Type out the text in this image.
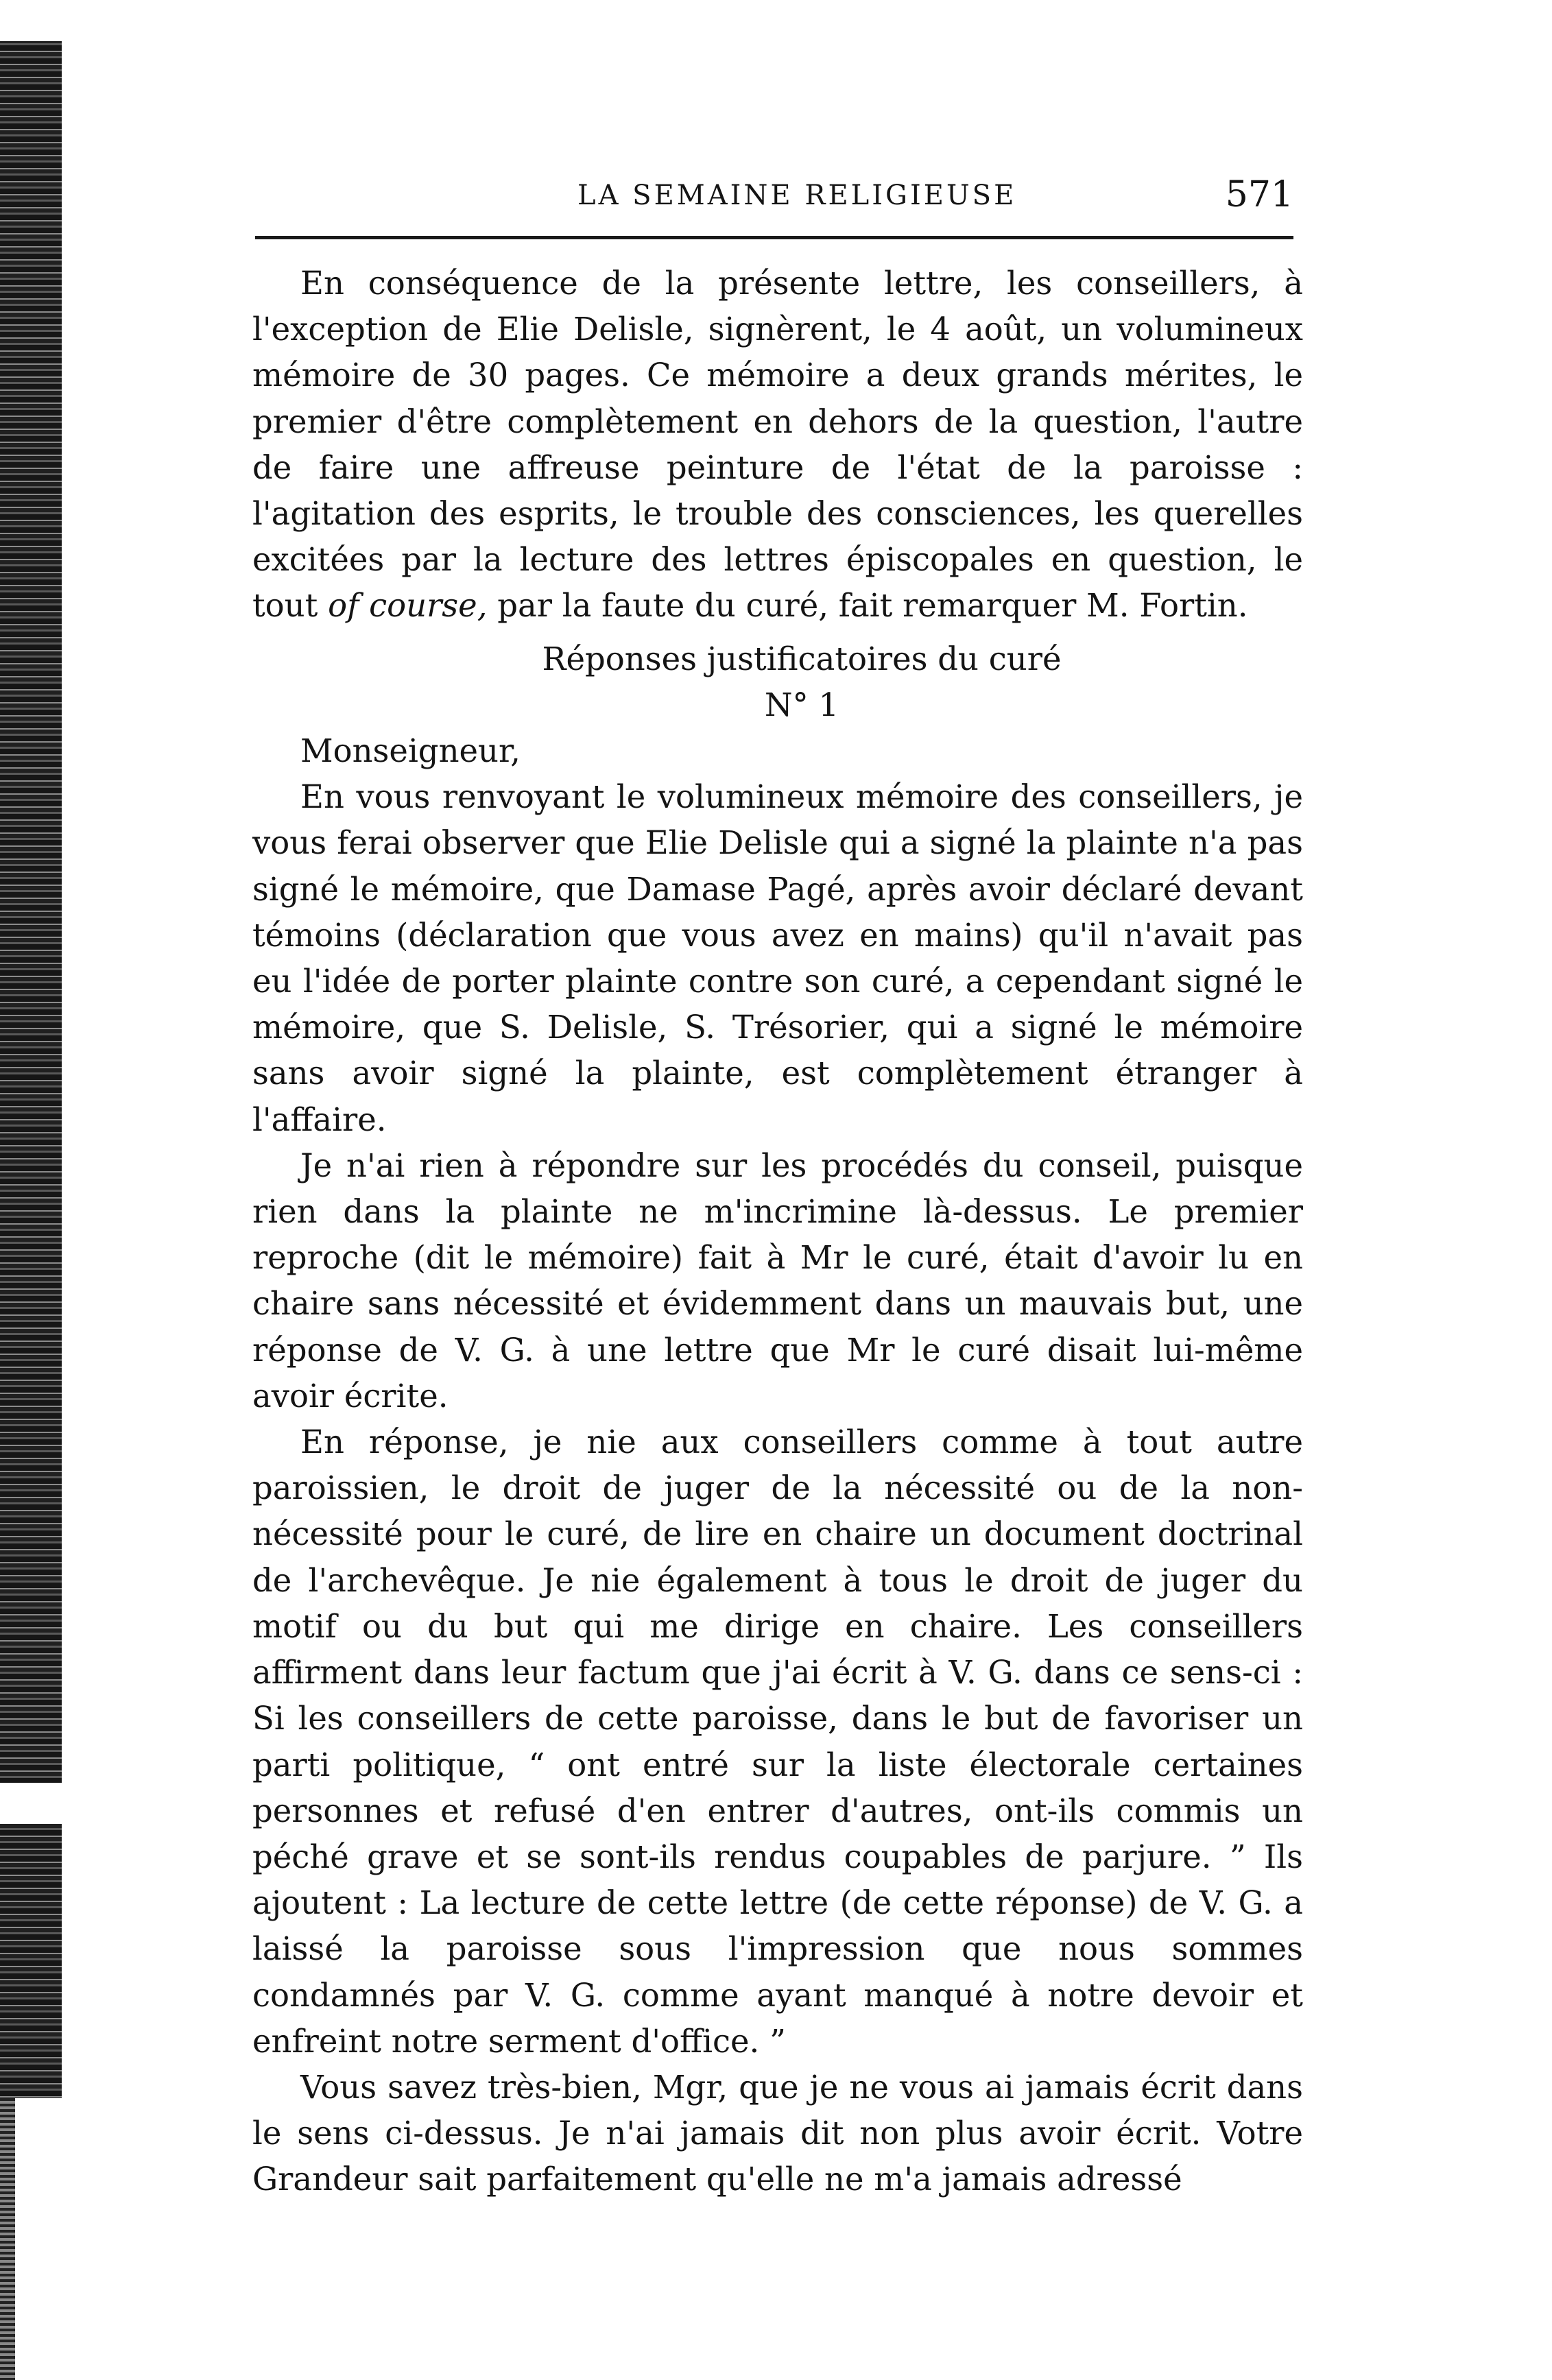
LA SEMAINE RELIGIEUSE	571

En conséquence de la présente lettre, les conseillers, à l'exception de Elie Delisle, signèrent, le 4 août, un volumineux mémoire de 30 pages. Ce mémoire a deux grands mérites, le premier d'être complètement en dehors de la question, l'autre de faire une affreuse peinture de l'état de la paroisse : l'agitation des esprits, le trouble des consciences, les querelles excitées par la lecture des lettres épiscopales en question, le tout of course, par la faute du curé, fait remarquer M. Fortin.

Réponses justificatoires du curé

N° 1

Monseigneur,

En vous renvoyant le volumineux mémoire des conseillers, je vous ferai observer que Elie Delisle qui a signé la plainte n'a pas signé le mémoire, que Damase Pagé, après avoir déclaré devant témoins (déclaration que vous avez en mains) qu'il n'avait pas eu l'idée de porter plainte contre son curé, a cependant signé le mémoire, que S. Delisle, S. Trésorier, qui a signé le mémoire sans avoir signé la plainte, est complètement étranger à l'affaire.

Je n'ai rien à répondre sur les procédés du conseil, puisque rien dans la plainte ne m'incrimine là-dessus. Le premier reproche (dit le mémoire) fait à Mr le curé, était d'avoir lu en chaire sans nécessité et évidemment dans un mauvais but, une réponse de V. G. à une lettre que Mr le curé disait lui-même avoir écrite.

En réponse, je nie aux conseillers comme à tout autre paroissien, le droit de juger de la nécessité ou de la non-nécessité pour le curé, de lire en chaire un document doctrinal de l'archevêque. Je nie également à tous le droit de juger du motif ou du but qui me dirige en chaire. Les conseillers affirment dans leur factum que j'ai écrit à V. G. dans ce sens-ci : Si les conseillers de cette paroisse, dans le but de favoriser un parti politique, “ ont entré sur la liste électorale certaines personnes et refusé d'en entrer d'autres, ont-ils commis un péché grave et se sont-ils rendus coupables de parjure. ” Ils ajoutent : La lecture de cette lettre (de cette réponse) de V. G. a laissé la paroisse sous l'impression que nous sommes condamnés par V. G. comme ayant manqué à notre devoir et enfreint notre serment d'office. ”

Vous savez très-bien, Mgr, que je ne vous ai jamais écrit dans le sens ci-dessus. Je n'ai jamais dit non plus avoir écrit. Votre Grandeur sait parfaitement qu'elle ne m'a jamais adressé
